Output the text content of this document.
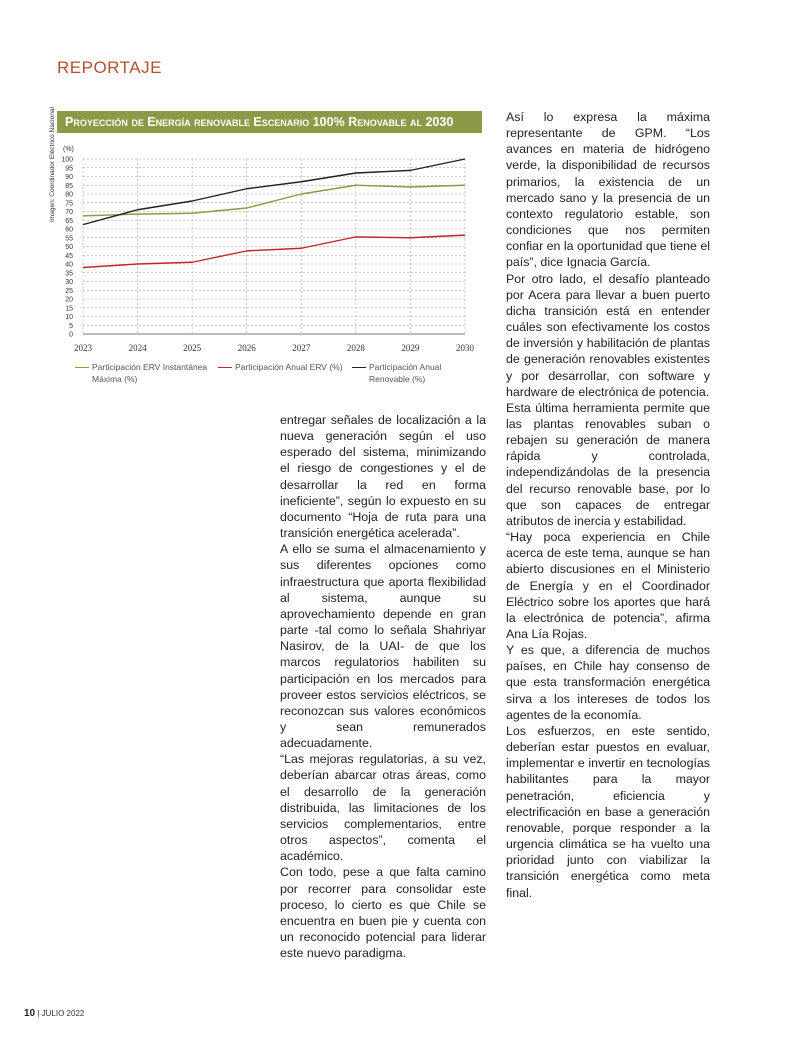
REPORTAJE
Proyección de Energía renovable Escenario 100% Renovable al 2030
Imagen: Coordinador Eléctrico Nacional (%)
0
5
10
15
20
25
30
35
40
45
50
55
60
65
70
75
80
85
90
95
100
2023	2024	2025	2026	2027	2028	2029	2030
Participación ERV Instantánea Máxima (%)
Participación Anual ERV (%)	Participación Anual Renovable (%)

entregar señales de localización a la nueva generación según el uso esperado del sistema, minimizando el riesgo de congestiones y el de desarrollar la red en forma ineficiente”, según lo expuesto en su documento “Hoja de ruta para una transición energética acelerada”.

A ello se suma el almacenamiento y sus diferentes opciones como infraestructura que aporta flexibilidad al sistema, aunque su aprovechamiento depende en gran parte -tal como lo señala Shahriyar Nasirov, de la UAI- de que los marcos regulatorios habiliten su participación en los mercados para proveer estos servicios eléctricos, se reconozcan sus valores económicos y sean remunerados adecuadamente.

“Las mejoras regulatorias, a su vez, deberían abarcar otras áreas, como el desarrollo de la generación distribuida, las limitaciones de los servicios complementarios, entre otros aspectos”, comenta el académico.

Con todo, pese a que falta camino por recorrer para consolidar este proceso, lo cierto es que Chile se encuentra en buen pie y cuenta con un reconocido potencial para liderar este nuevo paradigma.

Así lo expresa la máxima representante de GPM. “Los avances en materia de hidrógeno verde, la disponibilidad de recursos primarios, la existencia de un mercado sano y la presencia de un contexto regulatorio estable, son condiciones que nos permiten confiar en la oportunidad que tiene el país”, dice Ignacia García.

Por otro lado, el desafío planteado por Acera para llevar a buen puerto dicha transición está en entender cuáles son efectivamente los costos de inversión y habilitación de plantas de generación renovables existentes y por desarrollar, con software y hardware de electrónica de potencia.

Esta última herramienta permite que las plantas renovables suban o rebajen su generación de manera rápida y controlada, independizándolas de la presencia del recurso renovable base, por lo que son capaces de entregar atributos de inercia y estabilidad.

“Hay poca experiencia en Chile acerca de este tema, aunque se han abierto discusiones en el Ministerio de Energía y en el Coordinador Eléctrico sobre los aportes que hará la electrónica de potencia”, afirma Ana Lía Rojas.

Y es que, a diferencia de muchos países, en Chile hay consenso de que esta transformación energética sirva a los intereses de todos los agentes de la economía.

Los esfuerzos, en este sentido, deberían estar puestos en evaluar, implementar e invertir en tecnologías habilitantes para la mayor penetración, eficiencia y electrificación en base a generación renovable, porque responder a la urgencia climática se ha vuelto una prioridad junto con viabilizar la transición energética como meta final.

10 | JULIO 2022
